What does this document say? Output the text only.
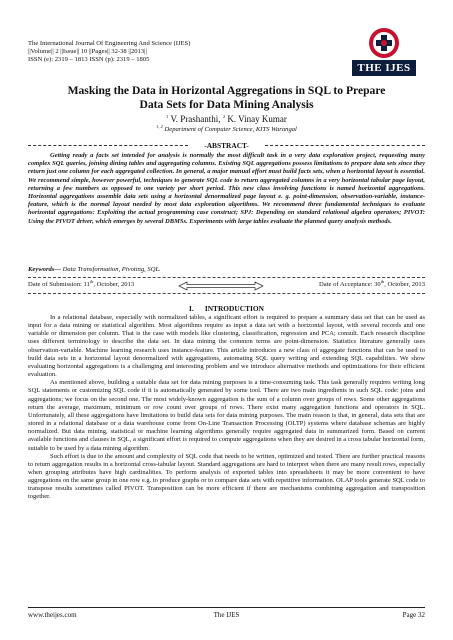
The International Journal Of Engineering And Science (IJES)
||Volume|| 2 ||Issue|| 10 ||Pages|| 32-38 ||2013||
ISSN (e): 2319 – 1813 ISSN (p): 2319 – 1805
THE IJES
Masking the Data in Horizontal Aggregations in SQL to Prepare
Data Sets for Data Mining Analysis
$^1$ V. Prashanthi, $^2$ K. Vinay Kumar
$^{1, 2}$ Department of Computer Science, KITS Warangal
-ABSTRACT-
Getting ready a facts set intended for analysis is normally the most difficult task in a very data exploration project, requesting many complex SQL queries, joining dining tables and aggregating columns. Existing SQL aggregations possess limitations to prepare data sets since they return just one column for each aggregated collection. In general, a major manual effort must build facts sets, when a horizontal layout is essential. We recommend simple, however powerful, techniques to generate SQL code to return aggregated columns in a very horizontal tabular page layout, returning a few numbers as opposed to one variety per short period. This new class involving functions is named horizontal aggregations. Horizontal aggregations assemble data sets using a horizontal denormalized page layout e. g. point-dimension, observation-variable, instance-feature, which is the normal layout needed by most data exploration algorithms. We recommend three fundamental techniques to evaluate horizontal aggregations: Exploiting the actual programming case construct; SPJ: Depending on standard relational algebra operators; PIVOT: Using the PIVOT driver, which emerges by several DBMSs. Experiments with large tables evaluate the planned query analysis methods.
Keywords— Data Transformation, Pivoting, SQL.
Date of Submission: 11th, October, 2013	Date of Acceptance: 30th, October, 2013
I.      INTRODUCTION

In a relational database, especially with normalized tables, a significant effort is required to prepare a summary data set that can be used as input for a data mining or statistical algorithm. Most algorithms require as input a data set with a horizontal layout, with several records and one variable or dimension per column. That is the case with models like clustering, classification, regression and PCA; consult. Each research discipline uses different terminology to describe the data set. In data mining the common terms are point-dimension. Statistics literature generally uses observation-variable. Machine learning research uses instance-feature. This article introduces a new class of aggregate functions that can be used to build data sets in a horizontal layout denormalized with aggregations, automating SQL query writing and extending SQL capabilities. We show evaluating horizontal aggregations is a challenging and interesting problem and we introduce alternative methods and optimizations for their efficient evaluation.

As mentioned above, building a suitable data set for data mining purposes is a time-consuming task. This task generally requires writing long SQL statements or customizing SQL code if it is automatically generated by some tool. There are two main ingredients in such SQL code: joins and aggregations; we focus on the second one. The most widely-known aggregation is the sum of a column over groups of rows. Some other aggregations return the average, maximum, minimum or row count over groups of rows. There exist many aggregation functions and operators in SQL. Unfortunately, all these aggregations have limitations to build data sets for data mining purposes. The main reason is that, in general, data sets that are stored in a relational database or a data warehouse come from On-Line Transaction Processing (OLTP) systems where database schemas are highly normalized. But data mining, statistical or machine learning algorithms generally require aggregated data in summarized form. Based on current available functions and clauses in SQL, a significant effort is required to compute aggregations when they are desired in a cross tabular horizontal form, suitable to be used by a data mining algorithm.

Such effort is due to the amount and complexity of SQL code that needs to be written, optimized and tested. There are further practical reasons to return aggregation results in a horizontal cross-tabular layout. Standard aggregations are hard to interpret when there are many result rows, especially when grouping attributes have high cardinalities. To perform analysis of exported tables into spreadsheets it may be more convenient to have aggregations on the same group in one row e.g. to produce graphs or to compare data sets with repetitive information. OLAP tools generate SQL code to transpose results sometimes called PIVOT. Transposition can be more efficient if there are mechanisms combining aggregation and transposition together.

www.theijes.com	The IJES	Page 32
